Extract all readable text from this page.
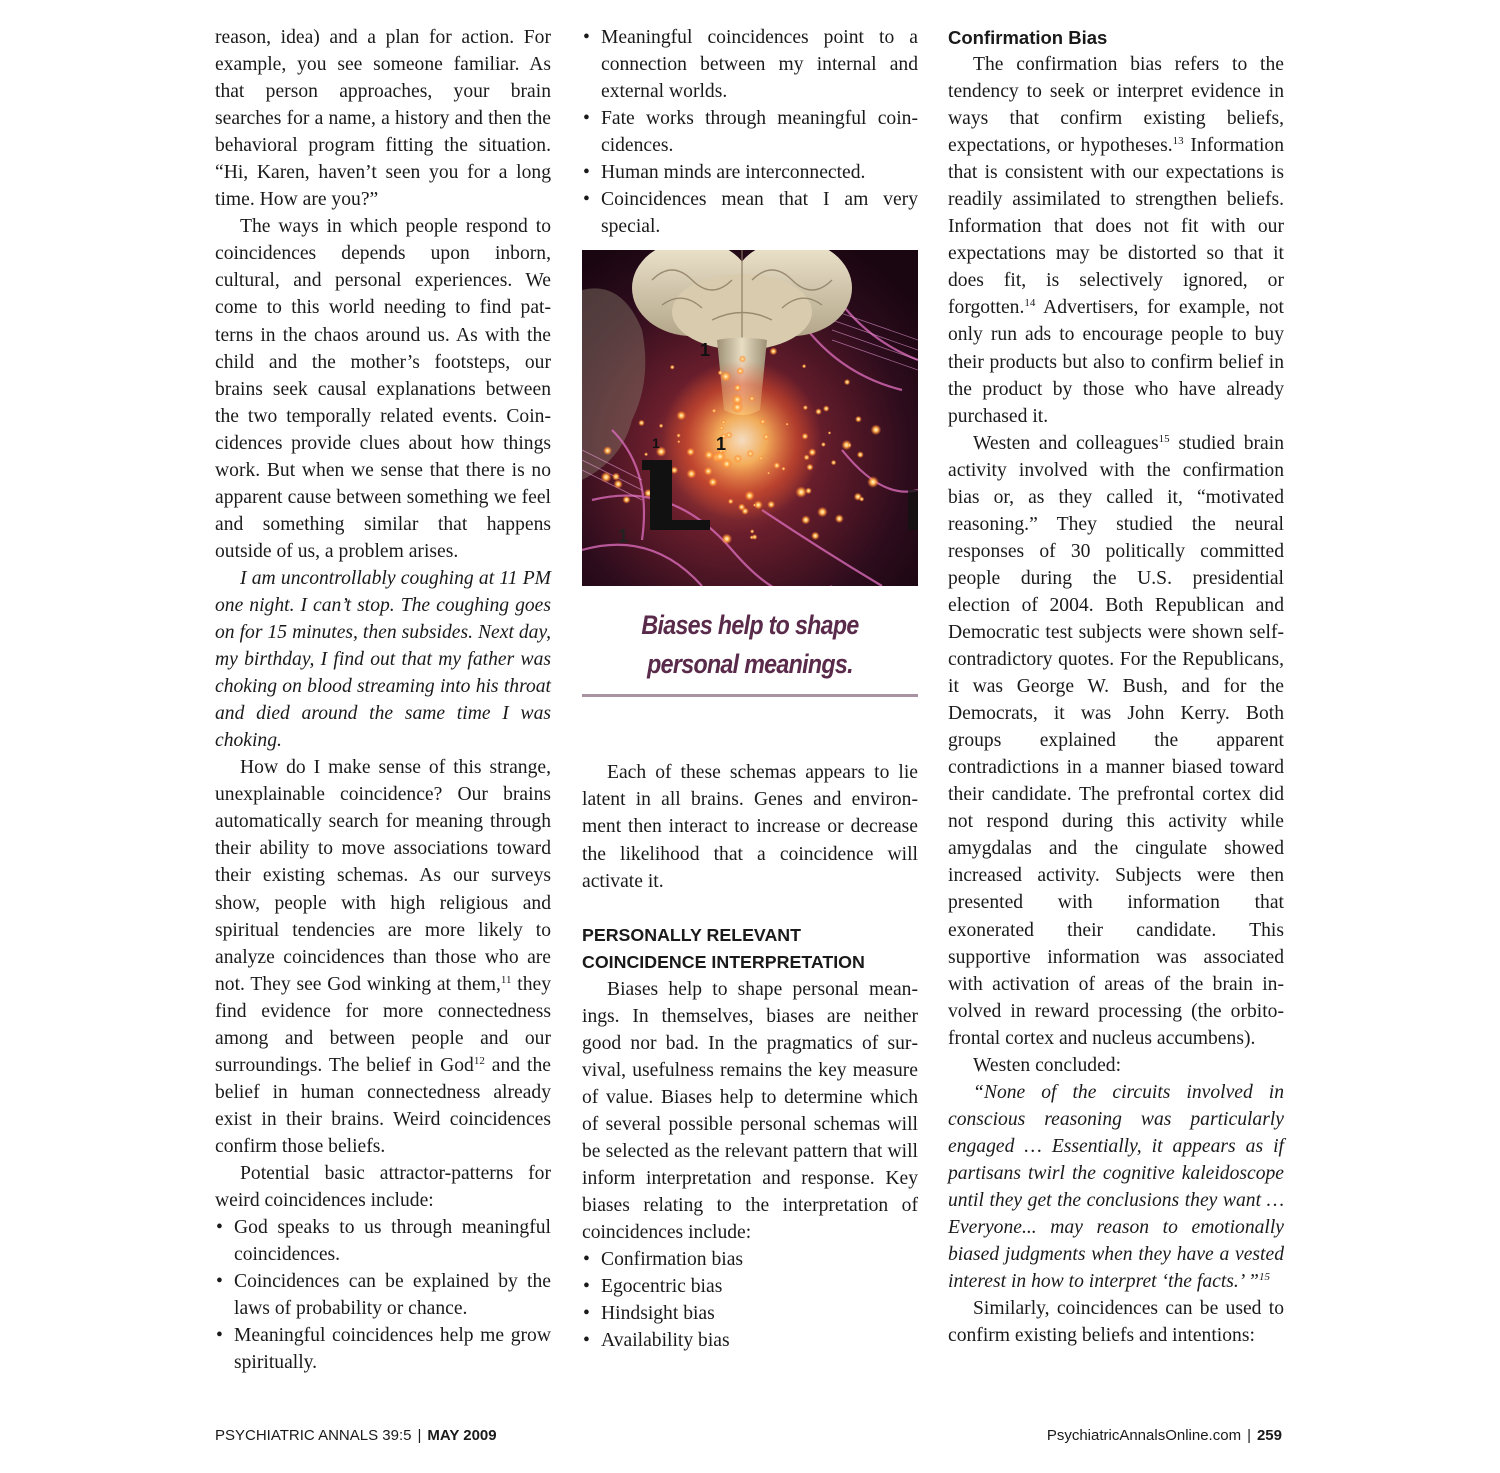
reason, idea) and a plan for action. For example, you see someone familiar. As that person approaches, your brain searches for a name, a history and then the behavioral program fitting the situation. “Hi, Karen, haven’t seen you for a long time. How are you?”

The ways in which people respond to coincidences depends upon inborn, cultural, and personal experiences. We come to this world needing to find patterns in the chaos around us. As with the child and the mother’s footsteps, our brains seek causal explanations between the two temporally related events. Coincidences provide clues about how things work. But when we sense that there is no apparent cause between something we feel and something similar that happens outside of us, a problem arises.

I am uncontrollably coughing at 11 PM one night. I can’t stop. The coughing goes on for 15 minutes, then subsides. Next day, my birthday, I find out that my father was choking on blood streaming into his throat and died around the same time I was choking.

How do I make sense of this strange, unexplainable coincidence? Our brains automatically search for meaning through their ability to move associations toward their existing schemas. As our surveys show, people with high religious and spiritual tendencies are more likely to analyze coincidences than those who are not. They see God winking at them,$^{11}$ they find evidence for more connectedness among and between people and our surroundings. The belief in God$^{12}$ and the belief in human connectedness already exist in their brains. Weird coincidences confirm those beliefs.

Potential basic attractor-patterns for weird coincidences include:

• God speaks to us through meaningful coincidences.
• Coincidences can be explained by the laws of probability or chance.
• Meaningful coincidences help me grow spiritually.
• Meaningful coincidences point to a connection between my internal and external worlds.
• Fate works through meaningful coincidences.
• Human minds are interconnected.
• Coincidences mean that I am very special.
1
1
1
1
Biases help to shape
personal meanings.

Each of these schemas appears to lie latent in all brains. Genes and environment then interact to increase or decrease the likelihood that a coincidence will activate it.

PERSONALLY RELEVANT
COINCIDENCE INTERPRETATION

Biases help to shape personal meanings. In themselves, biases are neither good nor bad. In the pragmatics of survival, usefulness remains the key measure of value. Biases help to determine which of several possible personal schemas will be selected as the relevant pattern that will inform interpretation and response. Key biases relating to the interpretation of coincidences include:

• Confirmation bias
• Egocentric bias
• Hindsight bias
• Availability bias
Confirmation Bias

The confirmation bias refers to the tendency to seek or interpret evidence in ways that confirm existing beliefs, expectations, or hypotheses.$^{13}$ Information that is consistent with our expectations is readily assimilated to strengthen beliefs. Information that does not fit with our expectations may be distorted so that it does fit, is selectively ignored, or forgotten.$^{14}$ Advertisers, for example, not only run ads to encourage people to buy their products but also to confirm belief in the product by those who have already purchased it.

Westen and colleagues$^{15}$ studied brain activity involved with the confirmation bias or, as they called it, “motivated reasoning.” They studied the neural responses of 30 politically committed people during the U.S. presidential election of 2004. Both Republican and Democratic test subjects were shown self-contradictory quotes. For the Republicans, it was George W. Bush, and for the Democrats, it was John Kerry. Both groups explained the apparent contradictions in a manner biased toward their candidate. The prefrontal cortex did not respond during this activity while amygdalas and the cingulate showed increased activity. Subjects were then presented with information that exonerated their candidate. This supportive information was associated with activation of areas of the brain involved in reward processing (the orbitofrontal cortex and nucleus accumbens).

Westen concluded:

“None of the circuits involved in conscious reasoning was particularly engaged … Essentially, it appears as if partisans twirl the cognitive kaleidoscope until they get the conclusions they want … Everyone... may reason to emotionally biased judgments when they have a vested interest in how to interpret ‘the facts.’ ”$^{15}$

Similarly, coincidences can be used to confirm existing beliefs and intentions:

PSYCHIATRIC ANNALS 39:5 | MAY 2009	PsychiatricAnnalsOnline.com | 259
